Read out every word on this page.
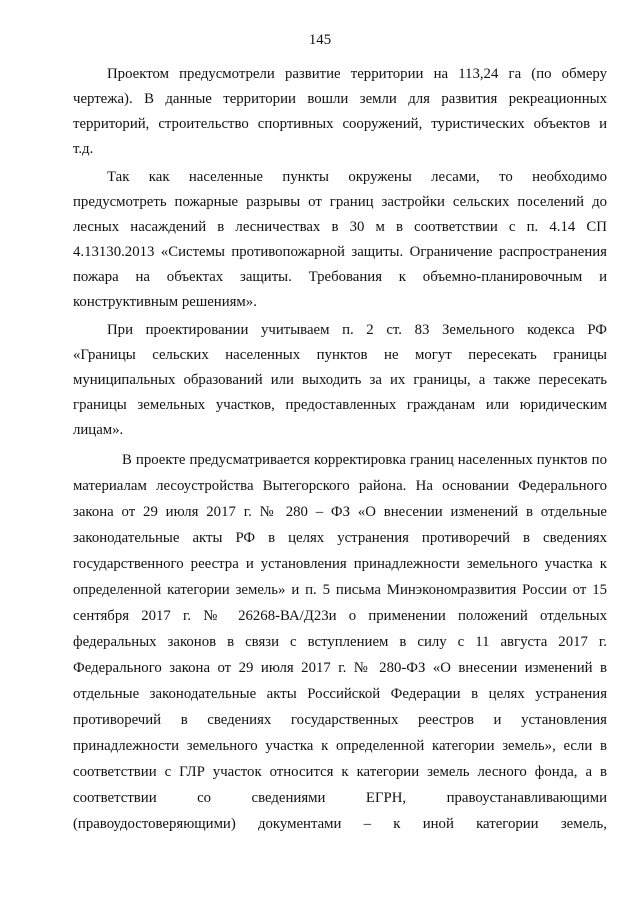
145
Проектом предусмотрели развитие территории на 113,24 га (по обмеру
чертежа). В данные территории вошли земли для развития рекреационных
территорий, строительство спортивных сооружений, туристических объектов и
т.д.
Так как населенные пункты окружены лесами, то необходимо
предусмотреть пожарные разрывы от границ застройки сельских поселений до
лесных насаждений в лесничествах в 30 м в соответствии с п. 4.14 СП
4.13130.2013 «Системы противопожарной защиты. Ограничение распространения
пожара на объектах защиты. Требования к объемно-планировочным и
конструктивным решениям».
При проектировании учитываем п. 2 ст. 83 Земельного кодекса РФ
«Границы сельских населенных пунктов не могут пересекать границы
муниципальных образований или выходить за их границы, а также пересекать
границы земельных участков, предоставленных гражданам или юридическим
лицам».
В проекте предусматривается корректировка границ населенных пунктов по
материалам лесоустройства Вытегорского района. На основании Федерального
закона от 29 июля 2017 г. № 280 – ФЗ «О внесении изменений в отдельные
законодательные акты РФ в целях устранения противоречий в сведениях
государственного реестра и установления принадлежности земельного участка к
определенной категории земель» и п. 5 письма Минэкономразвития России от 15
сентября 2017 г. № 26268-ВА/Д23и о применении положений отдельных
федеральных законов в связи с вступлением в силу с 11 августа 2017 г.
Федерального закона от 29 июля 2017 г. № 280-ФЗ «О внесении изменений в
отдельные законодательные акты Российской Федерации в целях устранения
противоречий в сведениях государственных реестров и установления
принадлежности земельного участка к определенной категории земель», если в
соответствии с ГЛР участок относится к категории земель лесного фонда, а в
соответствии со сведениями ЕГРН, правоустанавливающими
(правоудостоверяющими) документами – к иной категории земель,
